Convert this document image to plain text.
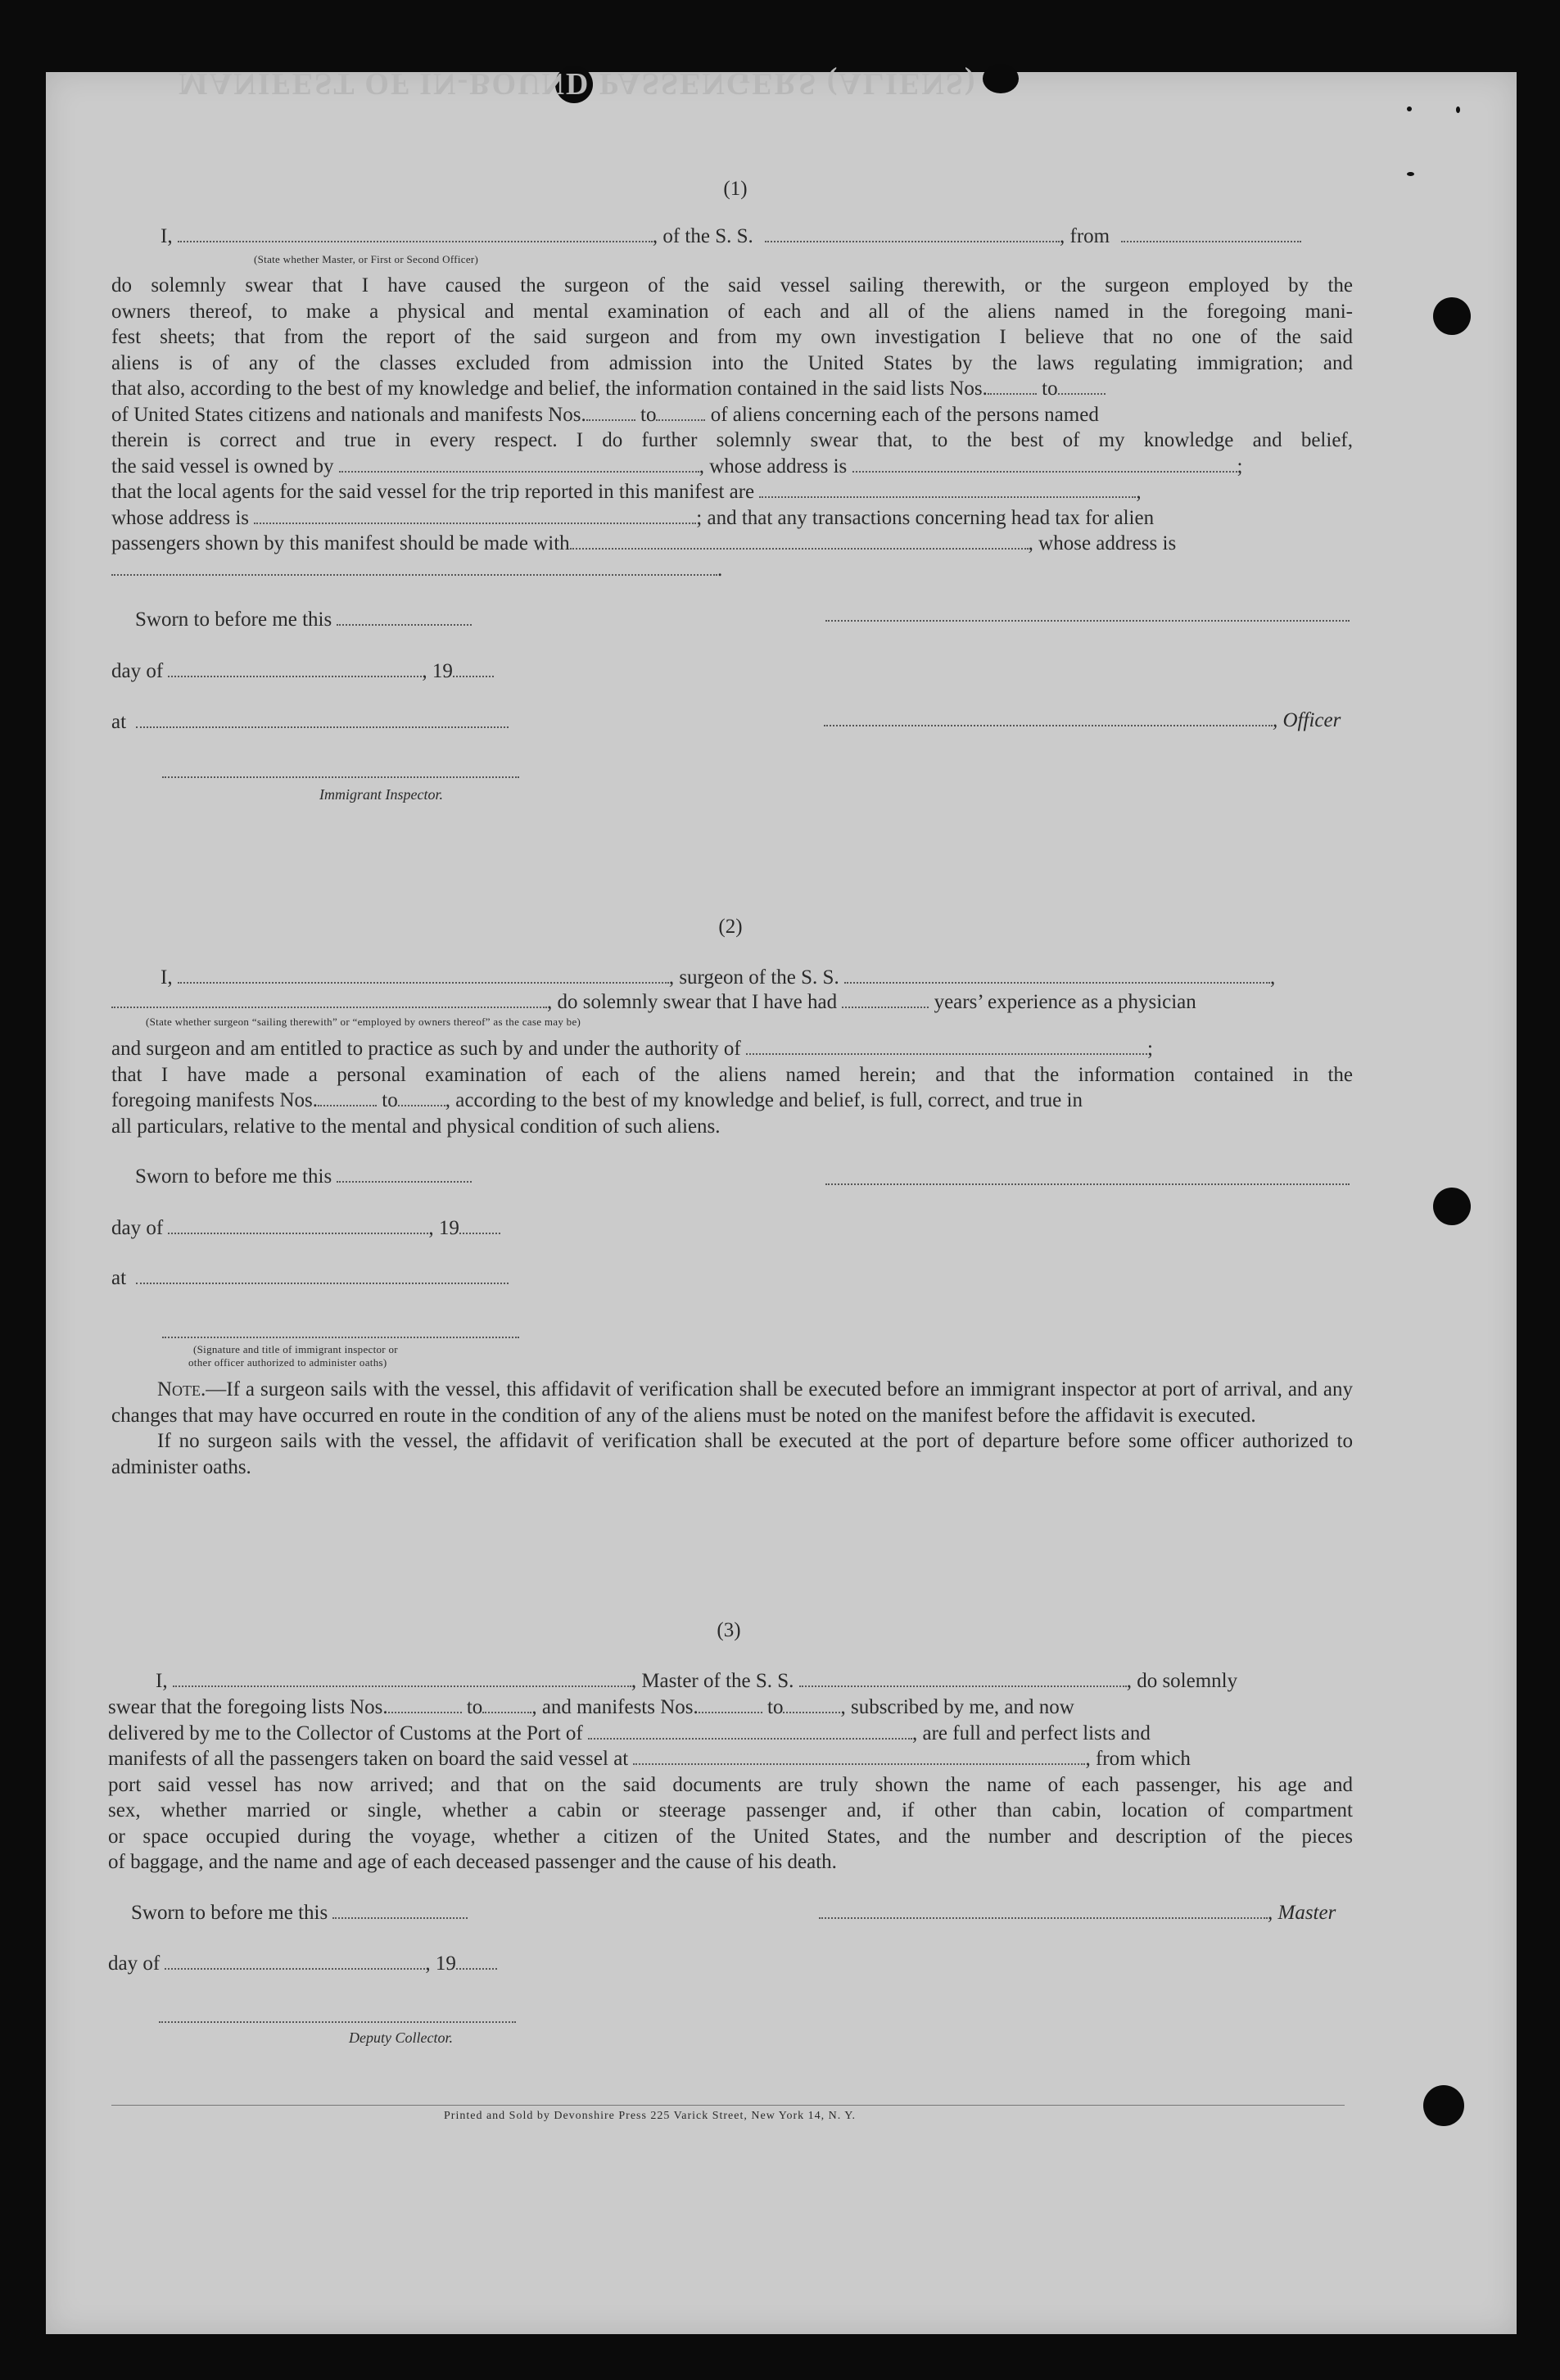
MANIFEST OF IN-BOUND PASSENGERS (ALIENS)
(1)
I,	, of the S. S.	, from
(State whether Master, or First or Second Officer)
do solemnly swear that I have caused the surgeon of the said vessel sailing therewith, or the surgeon employed by the
owners thereof, to make a physical and mental examination of each and all of the aliens named in the foregoing mani-
fest sheets; that from the report of the said surgeon and from my own investigation I believe that no one of the said
aliens is of any of the classes excluded from admission into the United States by the laws regulating immigration; and
that also, according to the best of my knowledge and belief, the information contained in the said lists Nos.	to
of United States citizens and nationals and manifests Nos.	to	of aliens concerning each of the persons named
therein is correct and true in every respect. I do further solemnly swear that, to the best of my knowledge and belief,
the said vessel is owned by	, whose address is	;
that the local agents for the said vessel for the trip reported in this manifest are	,
whose address is	; and that any transactions concerning head tax for alien
passengers shown by this manifest should be made with	, whose address is
.
Sworn to before me this
day of	, 19
at	, Officer
Immigrant Inspector.
(2)
I,	, surgeon of the S. S.	,
, do solemnly swear that I have had	years’ experience as a physician
(State whether surgeon “sailing therewith” or “employed by owners thereof” as the case may be)
and surgeon and am entitled to practice as such by and under the authority of	;
that I have made a personal examination of each of the aliens named herein; and that the information contained in the
foregoing manifests Nos.	to , according to the best of my knowledge and belief, is full, correct, and true in
all particulars, relative to the mental and physical condition of such aliens.
Sworn to before me this
day of	, 19
at
(Signature and title of immigrant inspector or
other officer authorized to administer oaths)
Note.—If a surgeon sails with the vessel, this affidavit of verification shall be executed before an immigrant inspector at port of arrival, and any changes that may have occurred en route in the condition of any of the aliens must be noted on the manifest before the affidavit is executed.
If no surgeon sails with the vessel, the affidavit of verification shall be executed at the port of departure before some officer authorized to administer oaths.
(3)
I,	, Master of the S. S.	, do solemnly
swear that the foregoing lists Nos.	to , and manifests Nos.	to	, subscribed by me, and now
delivered by me to the Collector of Customs at the Port of	, are full and perfect lists and
manifests of all the passengers taken on board the said vessel at	, from which
port said vessel has now arrived; and that on the said documents are truly shown the name of each passenger, his age and
sex, whether married or single, whether a cabin or steerage passenger and, if other than cabin, location of compartment
or space occupied during the voyage, whether a citizen of the United States, and the number and description of the pieces
of baggage, and the name and age of each deceased passenger and the cause of his death.
Sworn to before me this	, Master
day of	, 19
Deputy Collector.
Printed and Sold by Devonshire Press 225 Varick Street, New York 14, N. Y.
